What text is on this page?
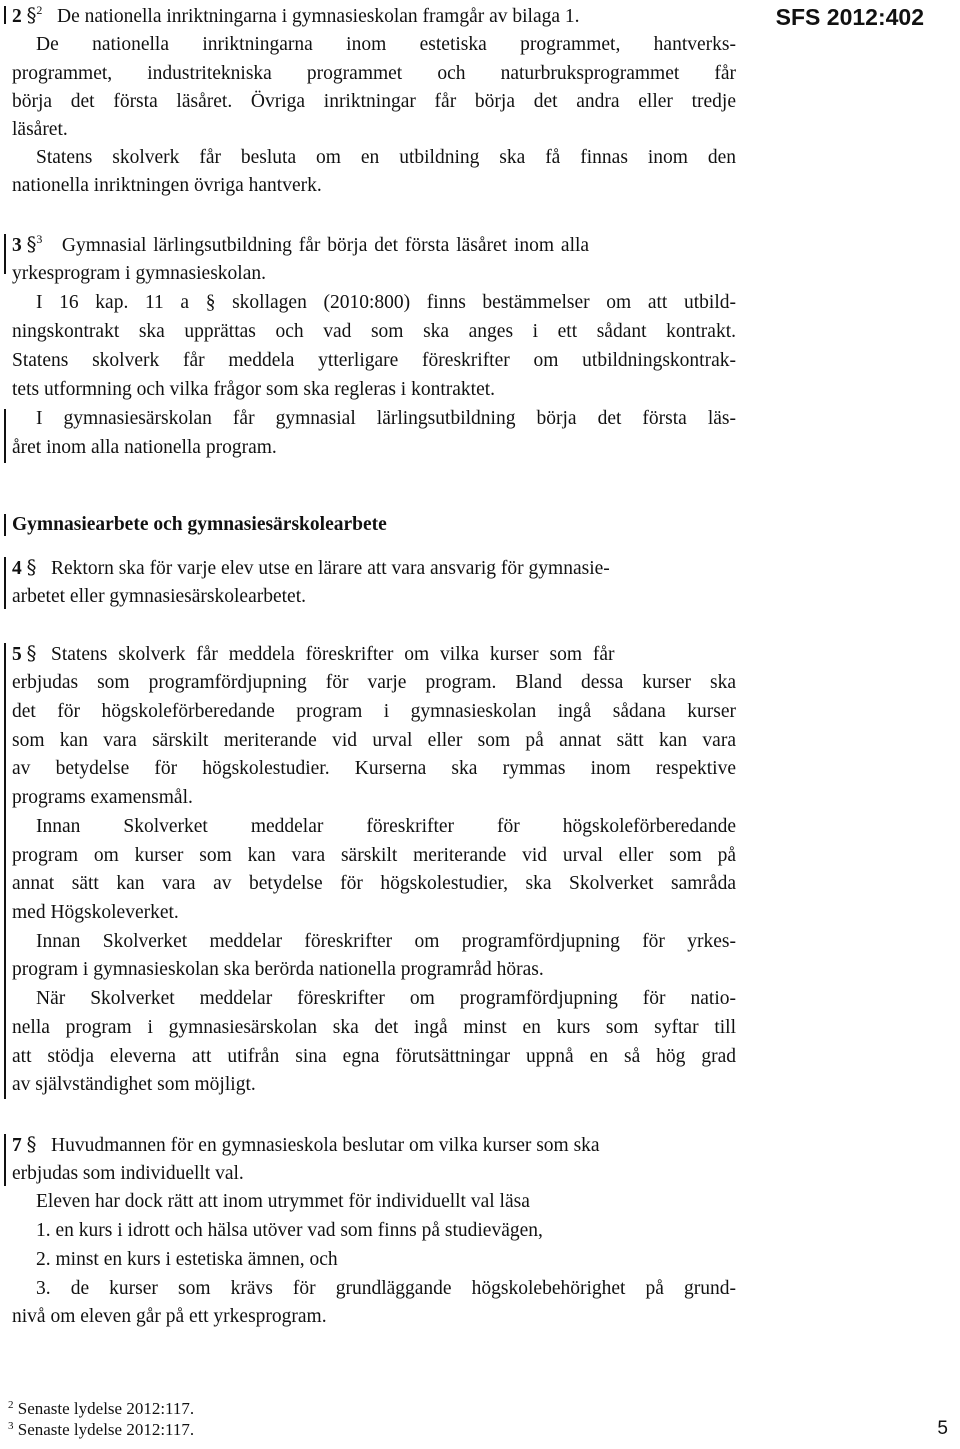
SFS 2012:402
2 §$^2$ De nationella inriktningarna i gymnasieskolan framgår av bilaga 1.
De nationella inriktningarna inom estetiska programmet, hantverks-
programmet, industritekniska programmet och naturbruksprogrammet får
börja det första läsåret. Övriga inriktningar får börja det andra eller tredje
läsåret.
Statens skolverk får besluta om en utbildning ska få finnas inom den
nationella inriktningen övriga hantverk.
3 §$^3$ Gymnasial lärlingsutbildning får börja det första läsåret inom alla
yrkesprogram i gymnasieskolan.
I 16 kap. 11 a § skollagen (2010:800) finns bestämmelser om att utbild-
ningskontrakt ska upprättas och vad som ska anges i ett sådant kontrakt.
Statens skolverk får meddela ytterligare föreskrifter om utbildningskontrak-
tets utformning och vilka frågor som ska regleras i kontraktet.
I gymnasiesärskolan får gymnasial lärlingsutbildning börja det första läs-
året inom alla nationella program.
Gymnasiearbete och gymnasiesärskolearbete
4 § Rektorn ska för varje elev utse en lärare att vara ansvarig för gymnasie-
arbetet eller gymnasiesärskolearbetet.
5 § Statens skolverk får meddela föreskrifter om vilka kurser som får
erbjudas som programfördjupning för varje program. Bland dessa kurser ska
det för högskoleförberedande program i gymnasieskolan ingå sådana kurser
som kan vara särskilt meriterande vid urval eller som på annat sätt kan vara
av betydelse för högskolestudier. Kurserna ska rymmas inom respektive
programs examensmål.
Innan Skolverket meddelar föreskrifter för högskoleförberedande
program om kurser som kan vara särskilt meriterande vid urval eller som på
annat sätt kan vara av betydelse för högskolestudier, ska Skolverket samråda
med Högskoleverket.
Innan Skolverket meddelar föreskrifter om programfördjupning för yrkes-
program i gymnasieskolan ska berörda nationella programråd höras.
När Skolverket meddelar föreskrifter om programfördjupning för natio-
nella program i gymnasiesärskolan ska det ingå minst en kurs som syftar till
att stödja eleverna att utifrån sina egna förutsättningar uppnå en så hög grad
av självständighet som möjligt.
7 § Huvudmannen för en gymnasieskola beslutar om vilka kurser som ska
erbjudas som individuellt val.
Eleven har dock rätt att inom utrymmet för individuellt val läsa
1. en kurs i idrott och hälsa utöver vad som finns på studievägen,
2. minst en kurs i estetiska ämnen, och
3. de kurser som krävs för grundläggande högskolebehörighet på grund-
nivå om eleven går på ett yrkesprogram.
$^2$ Senaste lydelse 2012:117.
$^3$ Senaste lydelse 2012:117.	5
